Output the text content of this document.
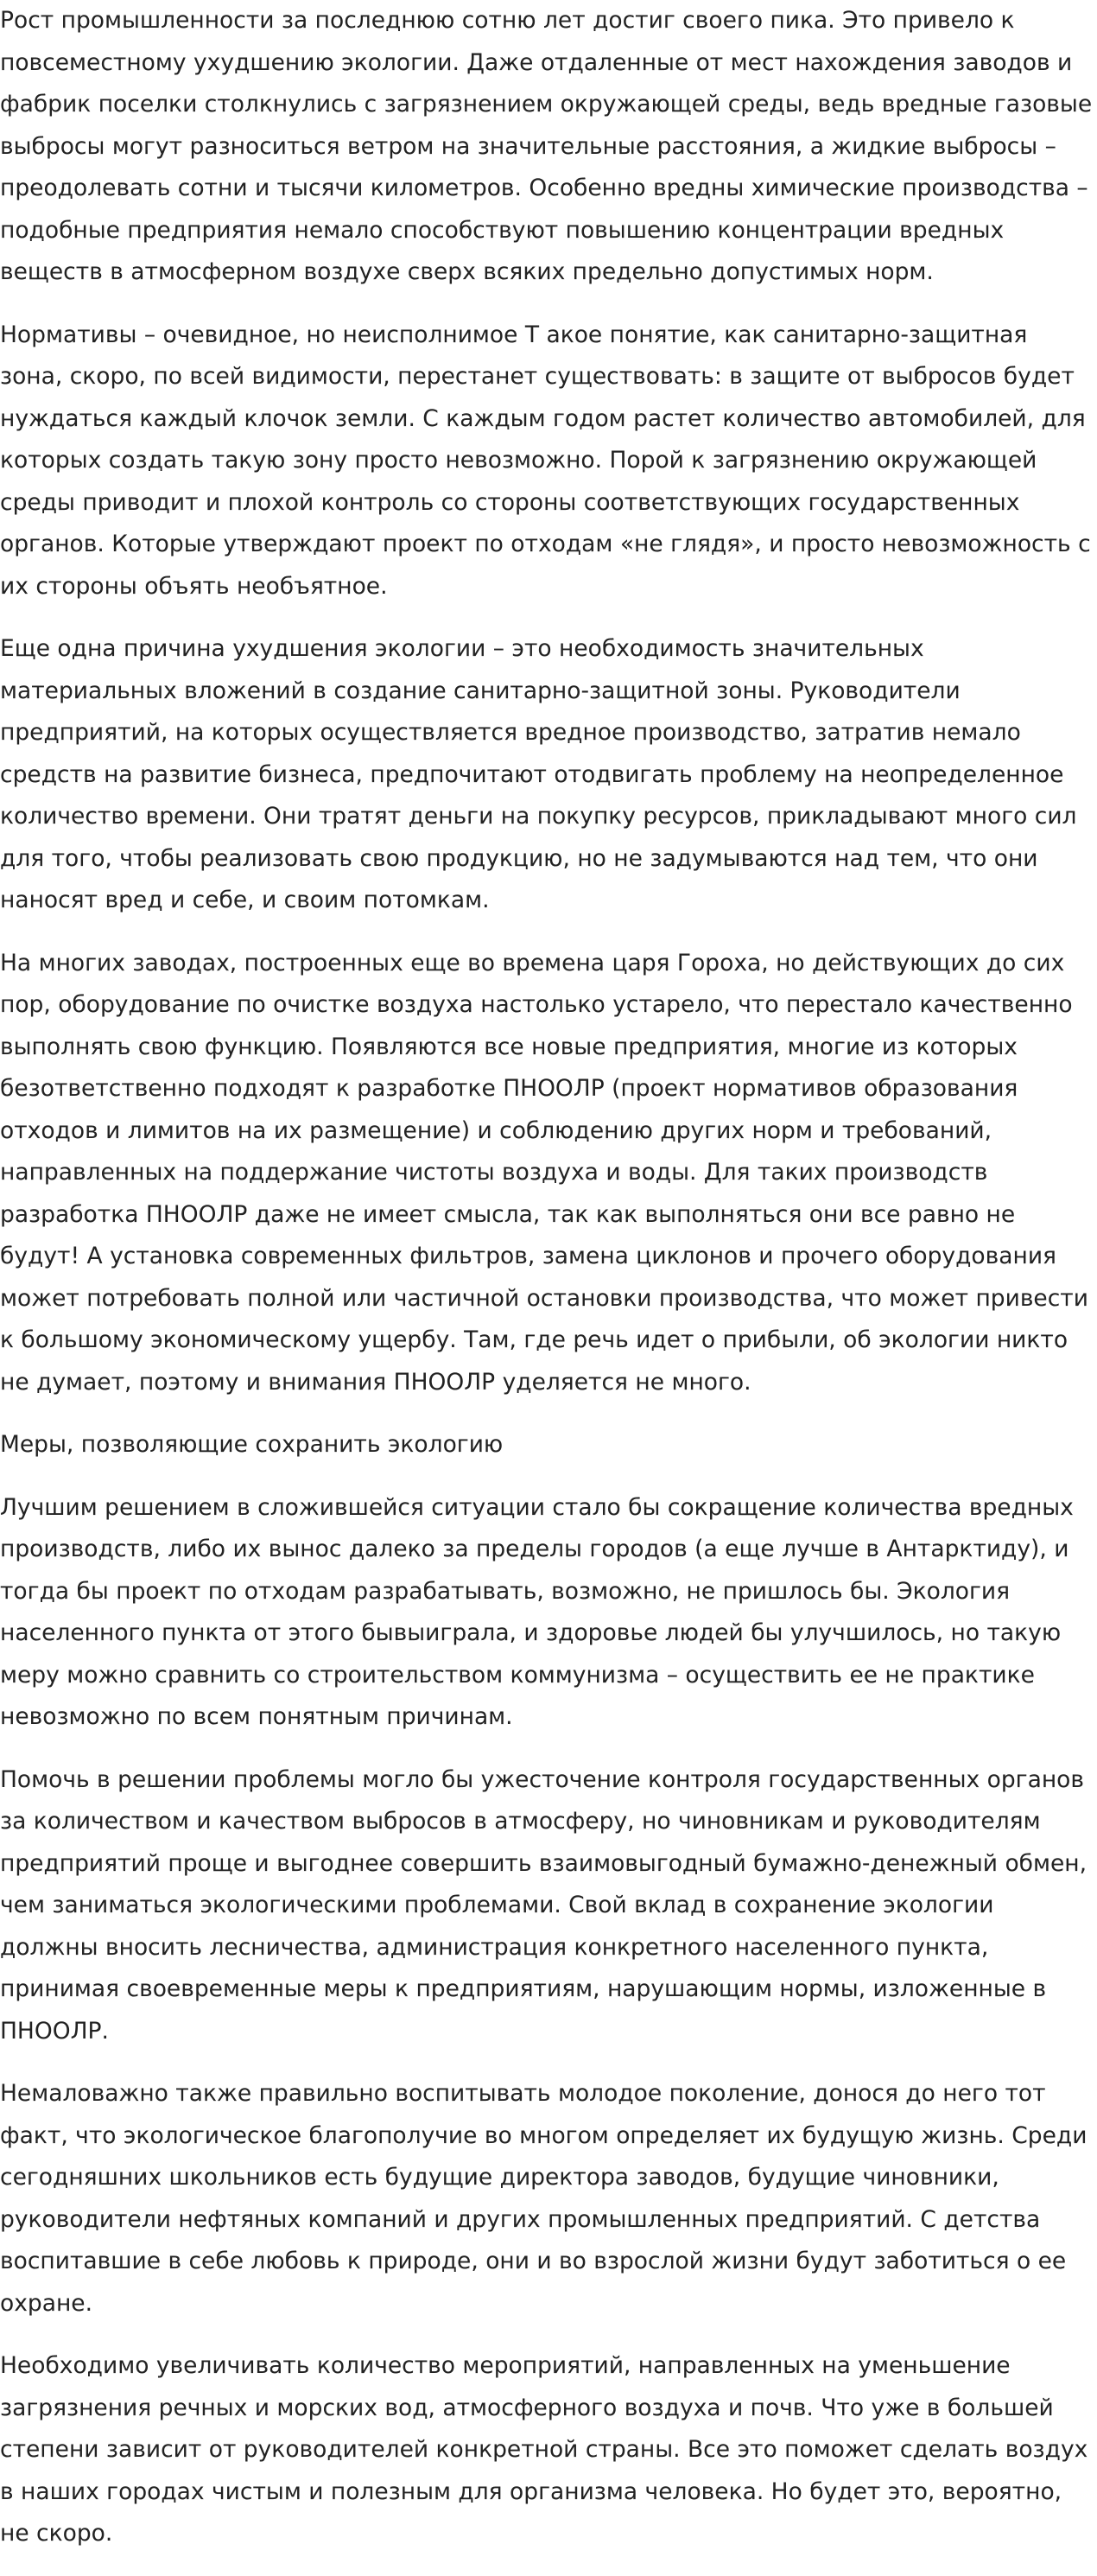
Рост промышленности за последнюю сотню лет достиг своего пика. Это привело к повсеместному ухудшению экологии. Даже отдаленные от мест нахождения заводов и фабрик поселки столкнулись с загрязнением окружающей среды, ведь вредные газовые выбросы могут разноситься ветром на значительные расстояния, а жидкие выбросы – преодолевать сотни и тысячи километров. Особенно вредны химические производства – подобные предприятия немало способствуют повышению концентрации вредных веществ в атмосферном воздухе сверх всяких предельно допустимых норм.

Нормативы – очевидное, но неисполнимое Т акое понятие, как санитарно-защитная зона, скоро, по всей видимости, перестанет существовать: в защите от выбросов будет нуждаться каждый клочок земли. С каждым годом растет количество автомобилей, для которых создать такую зону просто невозможно. Порой к загрязнению окружающей среды приводит и плохой контроль со стороны соответствующих государственных органов. Которые утверждают проект по отходам «не глядя», и просто невозможность с их стороны объять необъятное.

Еще одна причина ухудшения экологии – это необходимость значительных материальных вложений в создание санитарно-защитной зоны. Руководители предприятий, на которых осуществляется вредное производство, затратив немало средств на развитие бизнеса, предпочитают отодвигать проблему на неопределенное количество времени. Они тратят деньги на покупку ресурсов, прикладывают много сил для того, чтобы реализовать свою продукцию, но не задумываются над тем, что они наносят вред и себе, и своим потомкам.

На многих заводах, построенных еще во времена царя Гороха, но действующих до сих пор, оборудование по очистке воздуха настолько устарело, что перестало качественно выполнять свою функцию. Появляются все новые предприятия, многие из которых безответственно подходят к разработке ПНООЛР (проект нормативов образования отходов и лимитов на их размещение) и соблюдению других норм и требований, направленных на поддержание чистоты воздуха и воды. Для таких производств разработка ПНООЛР даже не имеет смысла, так как выполняться они все равно не будут! А установка современных фильтров, замена циклонов и прочего оборудования может потребовать полной или частичной остановки производства, что может привести к большому экономическому ущербу. Там, где речь идет о прибыли, об экологии никто не думает, поэтому и внимания ПНООЛР уделяется не много.

Меры, позволяющие сохранить экологию

Лучшим решением в сложившейся ситуации стало бы сокращение количества вредных производств, либо их вынос далеко за пределы городов (а еще лучше в Антарктиду), и тогда бы проект по отходам разрабатывать, возможно, не пришлось бы. Экология населенного пункта от этого бывыиграла, и здоровье людей бы улучшилось, но такую меру можно сравнить со строительством коммунизма – осуществить ее не практике невозможно по всем понятным причинам.

Помочь в решении проблемы могло бы ужесточение контроля государственных органов за количеством и качеством выбросов в атмосферу, но чиновникам и руководителям предприятий проще и выгоднее совершить взаимовыгодный бумажно-денежный обмен, чем заниматься экологическими проблемами. Свой вклад в сохранение экологии должны вносить лесничества, администрация конкретного населенного пункта, принимая своевременные меры к предприятиям, нарушающим нормы, изложенные в ПНООЛР.

Немаловажно также правильно воспитывать молодое поколение, донося до него тот факт, что экологическое благополучие во многом определяет их будущую жизнь. Среди сегодняшних школьников есть будущие директора заводов, будущие чиновники, руководители нефтяных компаний и других промышленных предприятий. С детства воспитавшие в себе любовь к природе, они и во взрослой жизни будут заботиться о ее охране.

Необходимо увеличивать количество мероприятий, направленных на уменьшение загрязнения речных и морских вод, атмосферного воздуха и почв. Что уже в большей степени зависит от руководителей конкретной страны. Все это поможет сделать воздух в наших городах чистым и полезным для организма человека. Но будет это, вероятно, не скоро.
